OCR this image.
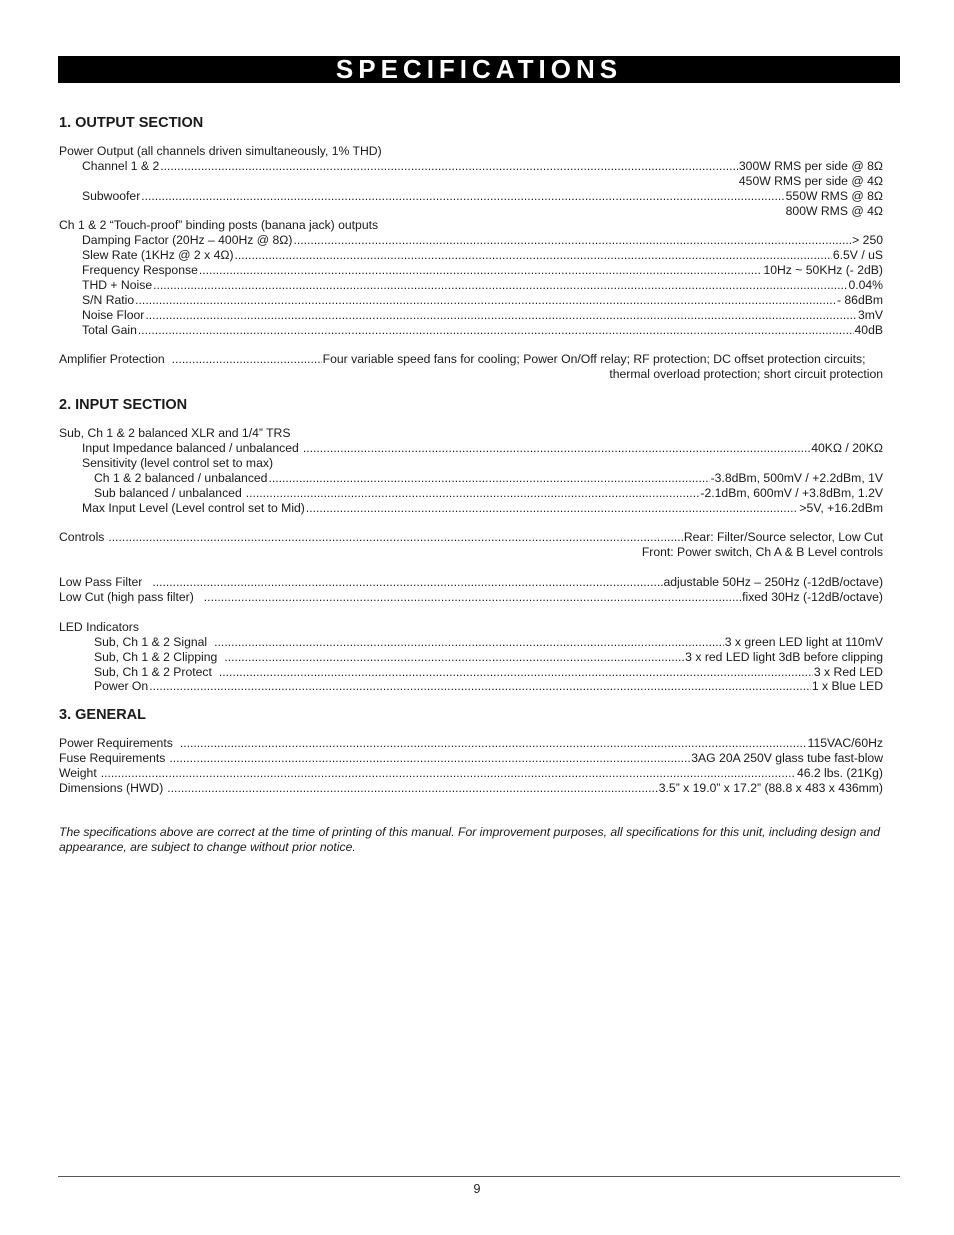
SPECIFICATIONS
1. OUTPUT SECTION
Power Output (all channels driven simultaneously, 1% THD)
Channel 1 & 2 .....	300W RMS per side @ 8Ω
450W RMS per side @ 4Ω
Subwoofer .....	550W RMS @ 8Ω
800W RMS @ 4Ω
Ch 1 & 2 “Touch-proof” binding posts (banana jack) outputs
Damping Factor (20Hz – 400Hz @ 8Ω) .....	> 250
Slew Rate (1KHz @ 2 x 4Ω) .....	6.5V / uS
Frequency Response .....	10Hz ~ 50KHz (- 2dB)
THD + Noise .....	0.04%
S/N Ratio .....	- 86dBm
Noise Floor .....	3mV
Total Gain .....	40dB
Amplifier Protection .....	Four variable speed fans for cooling; Power On/Off relay; RF protection; DC offset protection circuits;
thermal overload protection; short circuit protection
2. INPUT SECTION
Sub, Ch 1 & 2 balanced XLR and 1/4” TRS
Input Impedance balanced / unbalanced .....	40KΩ / 20KΩ
Sensitivity (level control set to max)
Ch 1 & 2 balanced / unbalanced .....	-3.8dBm, 500mV / +2.2dBm, 1V
Sub balanced / unbalanced .....	-2.1dBm, 600mV / +3.8dBm, 1.2V
Max Input Level (Level control set to Mid) .....	>5V, +16.2dBm
Controls .....	Rear: Filter/Source selector, Low Cut
Front: Power switch, Ch A & B Level controls
Low Pass Filter .....	adjustable 50Hz – 250Hz (-12dB/octave)
Low Cut (high pass filter) .....	fixed 30Hz (-12dB/octave)
LED Indicators
Sub, Ch 1 & 2 Signal .....	3 x green LED light at 110mV
Sub, Ch 1 & 2 Clipping .....	3 x red LED light 3dB before clipping
Sub, Ch 1 & 2 Protect .....	3 x Red LED
Power On .....	1 x Blue LED
3. GENERAL
Power Requirements .....	115VAC/60Hz
Fuse Requirements .....	3AG 20A 250V glass tube fast-blow
Weight .....	46.2 lbs. (21Kg)
Dimensions (HWD) .....	3.5” x 19.0” x 17.2” (88.8 x 483 x 436mm)
The specifications above are correct at the time of printing of this manual. For improvement purposes, all specifications for this unit, including design and appearance, are subject to change without prior notice.
9
